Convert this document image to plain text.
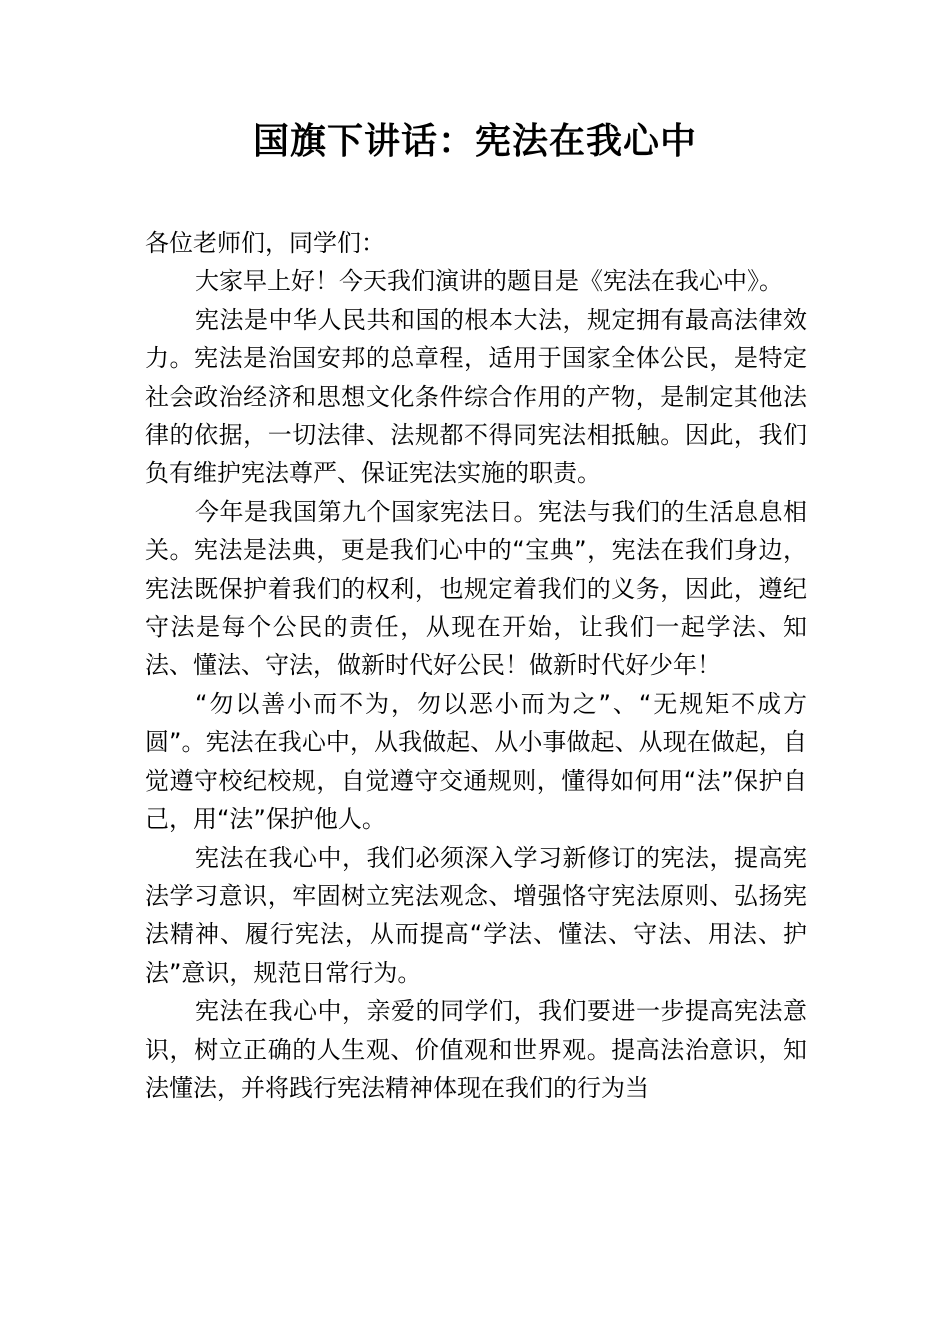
国旗下讲话：宪法在我心中

各位老师们，同学们：

大家早上好！今天我们演讲的题目是《宪法在我心中》。

宪法是中华人民共和国的根本大法，规定拥有最高法律效力。宪法是治国安邦的总章程，适用于国家全体公民，是特定社会政治经济和思想文化条件综合作用的产物，是制定其他法律的依据，一切法律、法规都不得同宪法相抵触。因此，我们负有维护宪法尊严、保证宪法实施的职责。

今年是我国第九个国家宪法日。宪法与我们的生活息息相关。宪法是法典，更是我们心中的“宝典”，宪法在我们身边，宪法既保护着我们的权利，也规定着我们的义务，因此，遵纪守法是每个公民的责任，从现在开始，让我们一起学法、知法、懂法、守法，做新时代好公民！做新时代好少年！

“勿以善小而不为，勿以恶小而为之”、“无规矩不成方圆”。宪法在我心中，从我做起、从小事做起、从现在做起，自觉遵守校纪校规，自觉遵守交通规则，懂得如何用“法”保护自己，用“法”保护他人。

宪法在我心中，我们必须深入学习新修订的宪法，提高宪法学习意识，牢固树立宪法观念、增强恪守宪法原则、弘扬宪法精神、履行宪法，从而提高“学法、懂法、守法、用法、护法”意识，规范日常行为。

宪法在我心中，亲爱的同学们，我们要进一步提高宪法意识，树立正确的人生观、价值观和世界观。提高法治意识，知法懂法，并将践行宪法精神体现在我们的行为当
